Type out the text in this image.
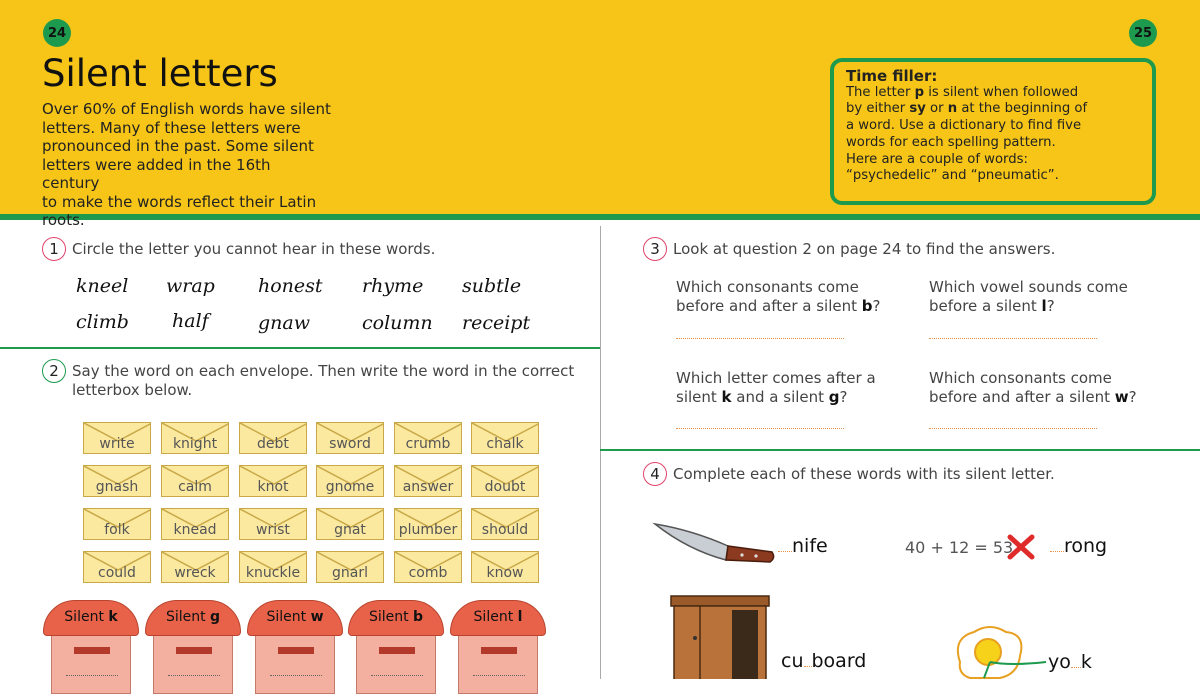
24	25
Silent letters
Over 60% of English words have silent
letters. Many of these letters were
pronounced in the past. Some silent
letters were added in the 16th century
to make the words reflect their Latin roots.
Time filler:
The letter p is silent when followed
by either sy or n at the beginning of
a word. Use a dictionary to find five
words for each spelling pattern.
Here are a couple of words:
“psychedelic” and “pneumatic”.
1 Circle the letter you cannot hear in these words.
kneel wrap honest rhyme subtle
climb half	gnaw	column receipt
2 Say the word on each envelope. Then write the word in the correct
letterbox below.
write	knight	debt	sword	crumb	chalk
gnash	calm	knot	gnome	answer	doubt
folk	knead	wrist	gnat	plumber	should
could	wreck	knuckle	gnarl	comb	know
Silent k	Silent g	Silent w	Silent b	Silent l
3 Look at question 2 on page 24 to find the answers.
Which consonants come
before and after a silent b?
Which vowel sounds come
before a silent l?
Which letter comes after a
silent k and a silent g?
Which consonants come
before and after a silent w?
4 Complete each of these words with its silent letter.
nife	40 + 12 = 53	rong
cu board	yo k
